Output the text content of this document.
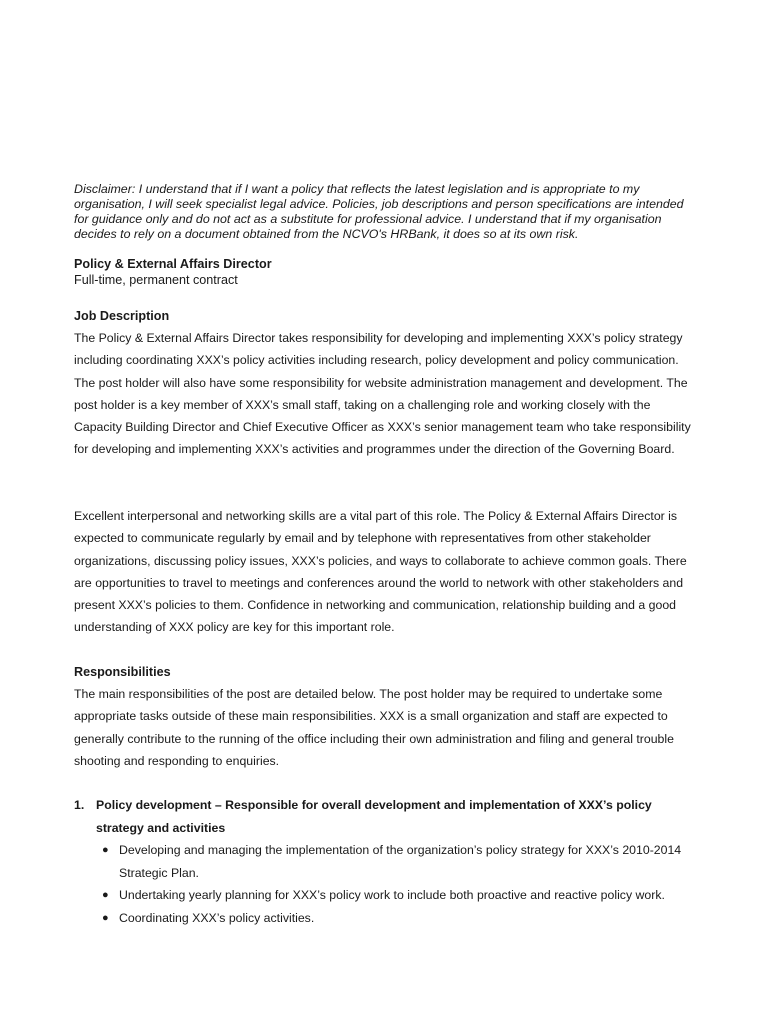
Disclaimer: I understand that if I want a policy that reflects the latest legislation and is appropriate to my organisation, I will seek specialist legal advice. Policies, job descriptions and person specifications are intended for guidance only and do not act as a substitute for professional advice. I understand that if my organisation decides to rely on a document obtained from the NCVO's HRBank, it does so at its own risk.

Policy & External Affairs Director

Full-time, permanent contract

Job Description

The Policy & External Affairs Director takes responsibility for developing and implementing XXX’s policy strategy including coordinating XXX’s policy activities including research, policy development and policy communication. The post holder will also have some responsibility for website administration management and development. The post holder is a key member of XXX’s small staff, taking on a challenging role and working closely with the Capacity Building Director and Chief Executive Officer as XXX’s senior management team who take responsibility for developing and implementing XXX’s activities and programmes under the direction of the Governing Board.

Excellent interpersonal and networking skills are a vital part of this role. The Policy & External Affairs Director is expected to communicate regularly by email and by telephone with representatives from other stakeholder organizations, discussing policy issues, XXX’s policies, and ways to collaborate to achieve common goals. There are opportunities to travel to meetings and conferences around the world to network with other stakeholders and present XXX’s policies to them. Confidence in networking and communication, relationship building and a good understanding of XXX policy are key for this important role.

Responsibilities

The main responsibilities of the post are detailed below. The post holder may be required to undertake some appropriate tasks outside of these main responsibilities. XXX is a small organization and staff are expected to generally contribute to the running of the office including their own administration and filing and general trouble shooting and responding to enquiries.

1. Policy development – Responsible for overall development and implementation of XXX’s policy strategy and activities
● Developing and managing the implementation of the organization’s policy strategy for XXX’s 2010-2014 Strategic Plan.
● Undertaking yearly planning for XXX’s policy work to include both proactive and reactive policy work.
● Coordinating XXX’s policy activities.
